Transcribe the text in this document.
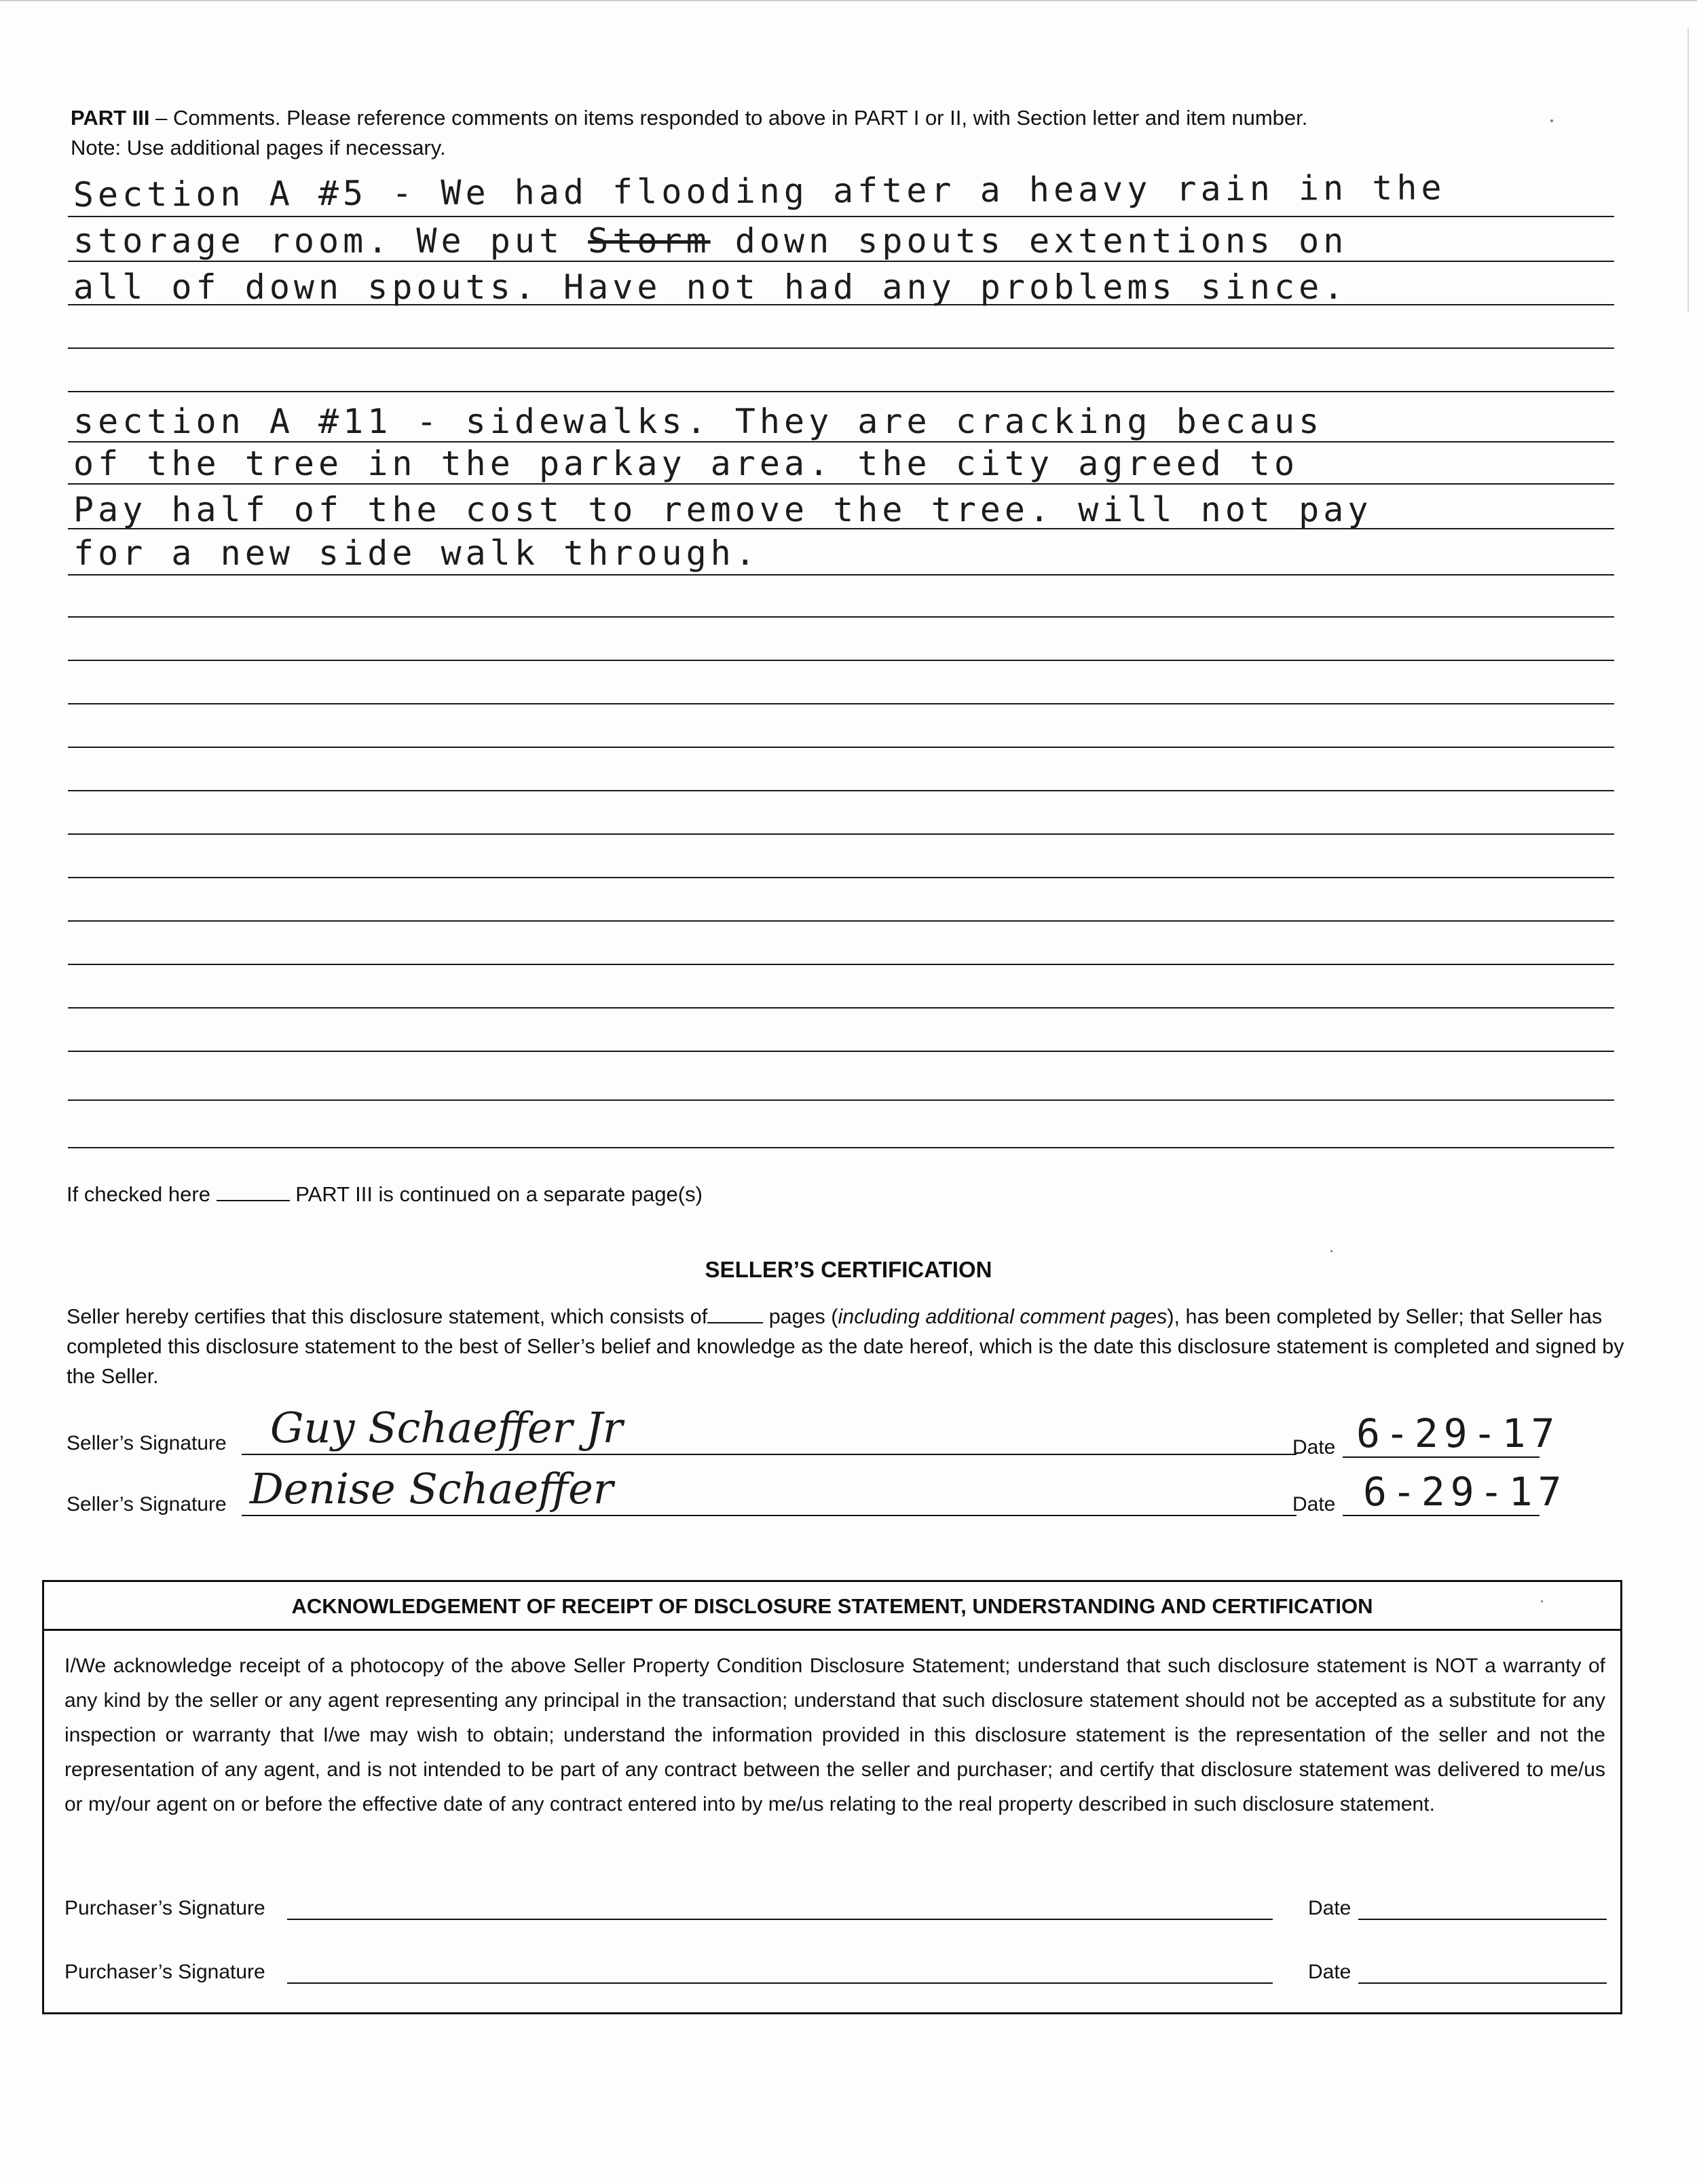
PART III – Comments. Please reference comments on items responded to above in PART I or II, with Section letter and item number.
Note: Use additional pages if necessary.
Section A #5 - We had flooding after a heavy rain in the
storage room. We put Storm down spouts extentions on
all of down spouts. Have not had any problems since.
section A #11 - sidewalks. They are cracking becaus
of the tree in the parkay area. the city agreed to
Pay half of the cost to remove the tree. will not pay
for a new side walk through.
If checked here	PART III is continued on a separate page(s)
SELLER’S CERTIFICATION
Seller hereby certifies that this disclosure statement, which consists of	pages (including additional comment pages), has been completed by Seller; that Seller has completed this disclosure statement to the best of Seller’s belief and knowledge as the date hereof, which is the date this disclosure statement is completed and signed by the Seller.
Seller’s Signature Guy Schaeffer Jr	Date 6-29-17
Seller’s Signature Denise Schaeffer	Date 6-29-17
ACKNOWLEDGEMENT OF RECEIPT OF DISCLOSURE STATEMENT, UNDERSTANDING AND CERTIFICATION
I/We acknowledge receipt of a photocopy of the above Seller Property Condition Disclosure Statement; understand that such disclosure statement is NOT a warranty of any kind by the seller or any agent representing any principal in the transaction; understand that such disclosure statement should not be accepted as a substitute for any inspection or warranty that I/we may wish to obtain; understand the information provided in this disclosure statement is the representation of the seller and not the representation of any agent, and is not intended to be part of any contract between the seller and purchaser; and certify that disclosure statement was delivered to me/us or my/our agent on or before the effective date of any contract entered into by me/us relating to the real property described in such disclosure statement.
Purchaser’s Signature	Date
Purchaser’s Signature	Date
